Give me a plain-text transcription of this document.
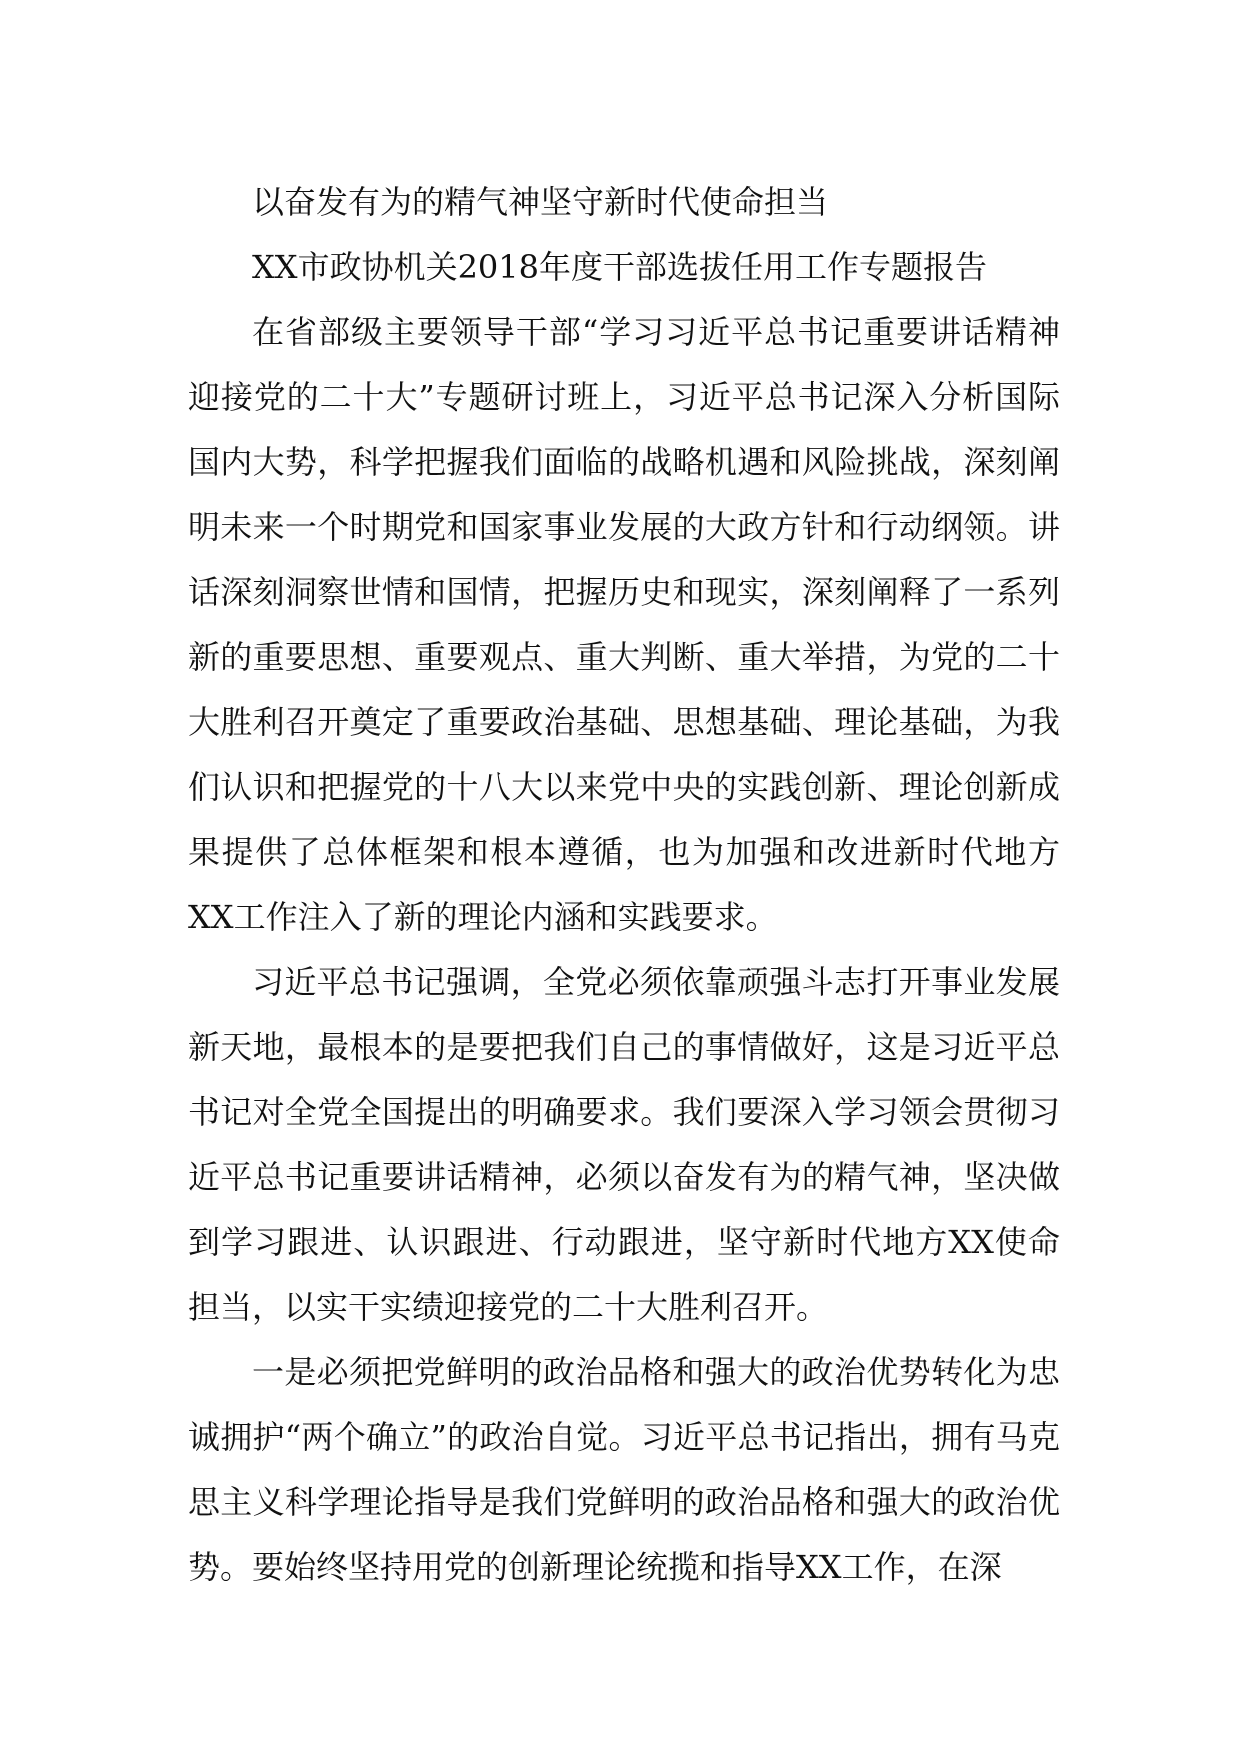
以奋发有为的精气神坚守新时代使命担当

XX市政协机关2018年度干部选拔任用工作专题报告

在省部级主要领导干部“学习习近平总书记重要讲话精神迎接党的二十大”专题研讨班上，习近平总书记深入分析国际国内大势，科学把握我们面临的战略机遇和风险挑战，深刻阐明未来一个时期党和国家事业发展的大政方针和行动纲领。讲话深刻洞察世情和国情，把握历史和现实，深刻阐释了一系列新的重要思想、重要观点、重大判断、重大举措，为党的二十大胜利召开奠定了重要政治基础、思想基础、理论基础，为我们认识和把握党的十八大以来党中央的实践创新、理论创新成果提供了总体框架和根本遵循，也为加强和改进新时代地方XX工作注入了新的理论内涵和实践要求。

习近平总书记强调，全党必须依靠顽强斗志打开事业发展新天地，最根本的是要把我们自己的事情做好，这是习近平总书记对全党全国提出的明确要求。我们要深入学习领会贯彻习近平总书记重要讲话精神，必须以奋发有为的精气神，坚决做到学习跟进、认识跟进、行动跟进，坚守新时代地方XX使命担当，以实干实绩迎接党的二十大胜利召开。

一是必须把党鲜明的政治品格和强大的政治优势转化为忠诚拥护“两个确立”的政治自觉。习近平总书记指出，拥有马克思主义科学理论指导是我们党鲜明的政治品格和强大的政治优势。要始终坚持用党的创新理论统揽和指导XX工作，在深
